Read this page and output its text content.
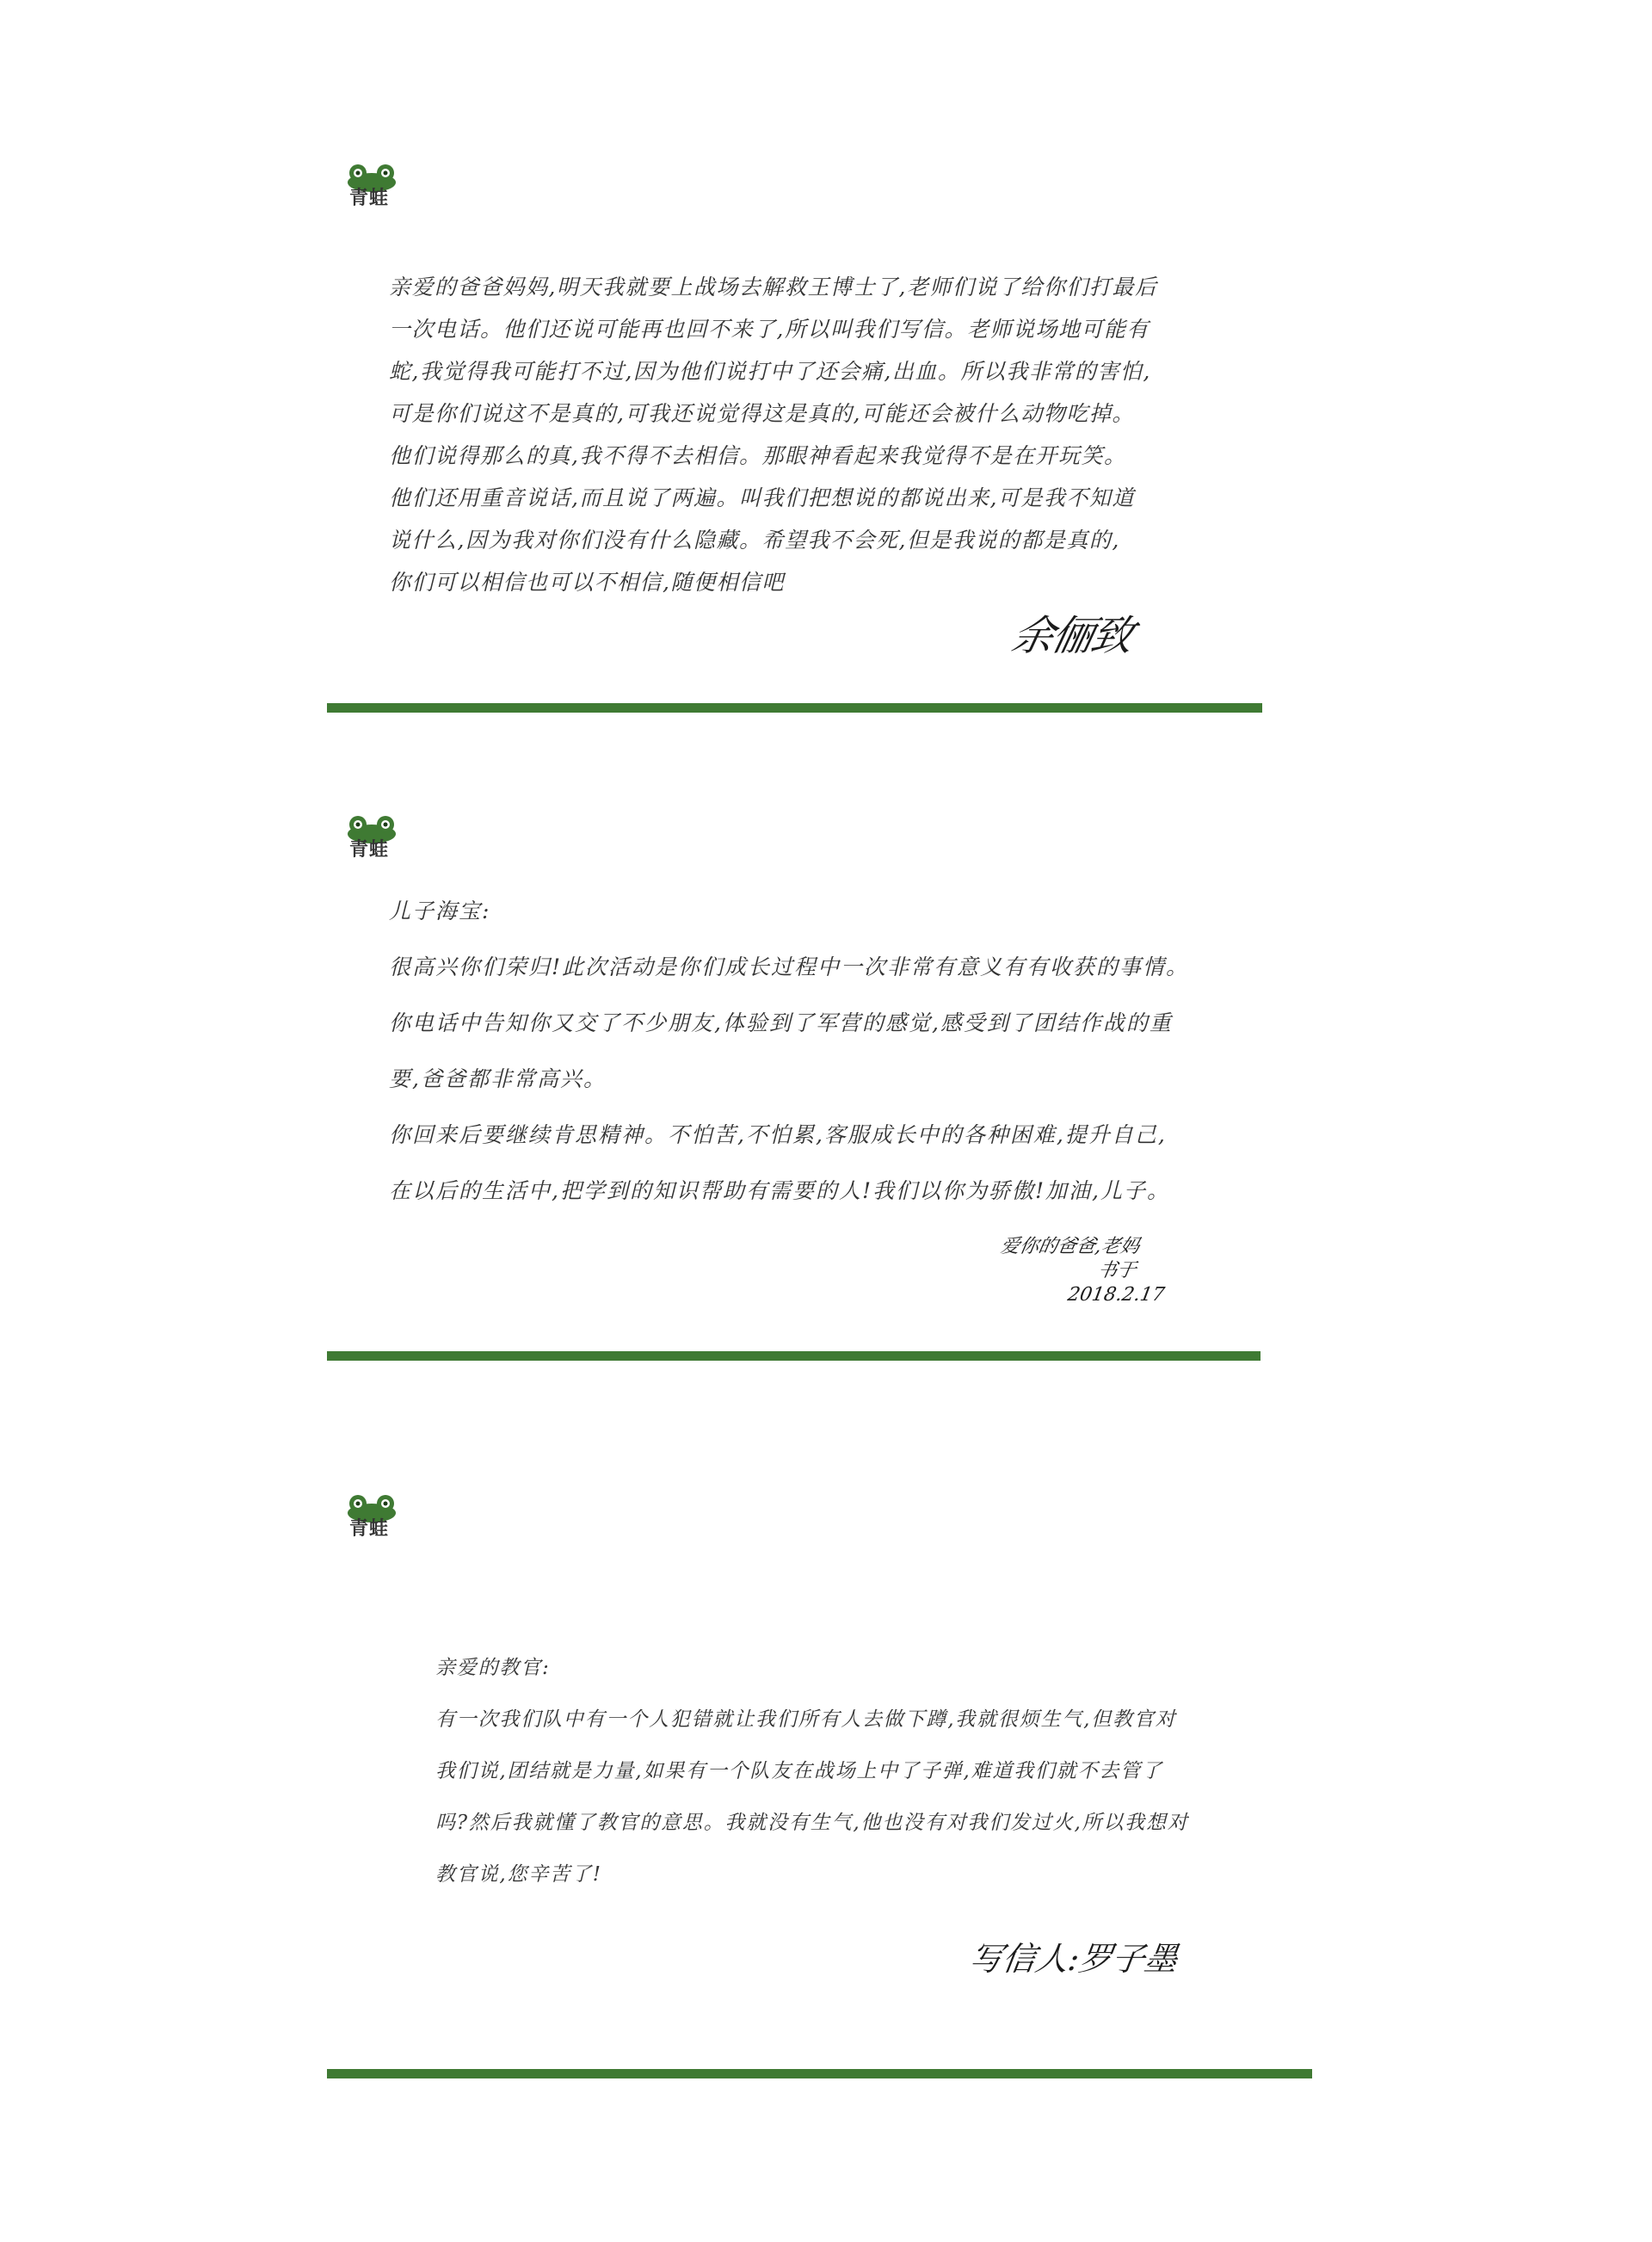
青蛙

亲爱的爸爸妈妈,明天我就要上战场去解救王博士了,老师们说了给你们打最后

一次电话。他们还说可能再也回不来了,所以叫我们写信。老师说场地可能有

蛇,我觉得我可能打不过,因为他们说打中了还会痛,出血。所以我非常的害怕,

可是你们说这不是真的,可我还说觉得这是真的,可能还会被什么动物吃掉。

他们说得那么的真,我不得不去相信。那眼神看起来我觉得不是在开玩笑。

他们还用重音说话,而且说了两遍。叫我们把想说的都说出来,可是我不知道

说什么,因为我对你们没有什么隐藏。希望我不会死,但是我说的都是真的,

你们可以相信也可以不相信,随便相信吧

余俪致
青蛙

儿子海宝:

很高兴你们荣归!此次活动是你们成长过程中一次非常有意义有有收获的事情。

你电话中告知你又交了不少朋友,体验到了军营的感觉,感受到了团结作战的重

要,爸爸都非常高兴。

你回来后要继续肯思精神。不怕苦,不怕累,客服成长中的各种困难,提升自己,

在以后的生活中,把学到的知识帮助有需要的人!我们以你为骄傲!加油,儿子。

爱你的爸爸,老妈
书于
2018.2.17
青蛙

亲爱的教官:

有一次我们队中有一个人犯错就让我们所有人去做下蹲,我就很烦生气,但教官对

我们说,团结就是力量,如果有一个队友在战场上中了子弹,难道我们就不去管了

吗?然后我就懂了教官的意思。我就没有生气,他也没有对我们发过火,所以我想对

教官说,您辛苦了!

写信人:罗子墨
